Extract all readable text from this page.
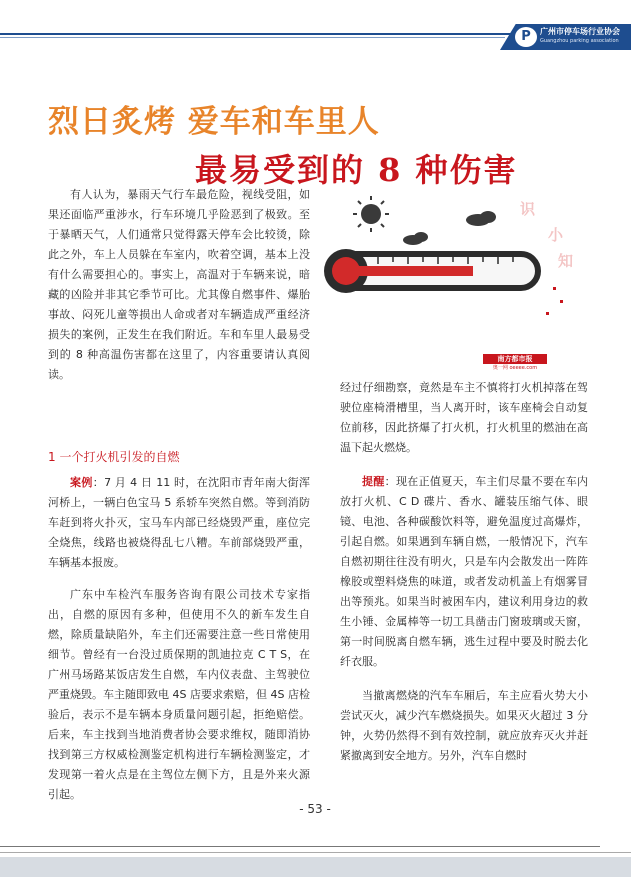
P	广州市停车场行业协会
Guangzhou parking association
烈日炙烤 爱车和车里人
最易受到的 8 种伤害

有人认为，暴雨天气行车最危险，视线受阻，如果还面临严重涉水，行车环境几乎险恶到了极致。至于暴晒天气，人们通常只觉得露天停车会比较烫，除此之外，车上人员躲在车室内，吹着空调，基本上没有什么需要担心的。事实上，高温对于车辆来说，暗藏的凶险并非其它季节可比。尤其像自燃事件、爆胎事故、闷死儿童等损出人命或者对车辆造成严重经济损失的案例，正发生在我们附近。车和车里人最易受到的 8 种高温伤害都在这里了，内容重要请认真阅读。

1 一个打火机引发的自燃

案例：7 月 4 日 11 时，在沈阳市青年南大街浑河桥上，一辆白色宝马 5 系轿车突然自燃。等到消防车赶到将火扑灭，宝马车内部已经烧毁严重，座位完全烧焦，线路也被烧得乱七八糟。车前部烧毁严重，车辆基本报废。

广东中车检汽车服务咨询有限公司技术专家指出，自燃的原因有多种，但使用不久的新车发生自燃，除质量缺陷外，车主们还需要注意一些日常使用细节。曾经有一台没过质保期的凯迪拉克 C T S，在广州马场路某饭店发生自燃，车内仪表盘、主驾驶位严重烧毁。车主随即致电 4S 店要求索赔，但 4S 店检验后，表示不是车辆本身质量问题引起，拒绝赔偿。后来，车主找到当地消费者协会要求维权，随即消协找到第三方权威检测鉴定机构进行车辆检测鉴定，才发现第一着火点是在主驾位左侧下方，且是外来火源引起。

识
小
知
南方都市报
奥一网 oeeee.com

经过仔细勘察，竟然是车主不慎将打火机掉落在驾驶位座椅滑槽里，当人离开时，该车座椅会自动复位前移，因此挤爆了打火机，打火机里的燃油在高温下起火燃烧。

提醒：现在正值夏天，车主们尽量不要在车内放打火机、C D 碟片、香水、罐装压缩气体、眼镜、电池、各种碳酸饮料等，避免温度过高爆炸，引起自燃。如果遇到车辆自燃，一般情况下，汽车自燃初期往往没有明火，只是车内会散发出一阵阵橡胶或塑料烧焦的味道，或者发动机盖上有烟雾冒出等预兆。如果当时被困车内，建议利用身边的救生小锤、金属棒等一切工具凿击门窗玻璃或天窗，第一时间脱离自燃车辆，逃生过程中要及时脱去化纤衣服。

当撤离燃烧的汽车车厢后，车主应看火势大小尝试灭火，减少汽车燃烧损失。如果灭火超过 3 分钟，火势仍然得不到有效控制，就应放弃灭火并赶紧撤离到安全地方。另外，汽车自燃时

- 53 -
